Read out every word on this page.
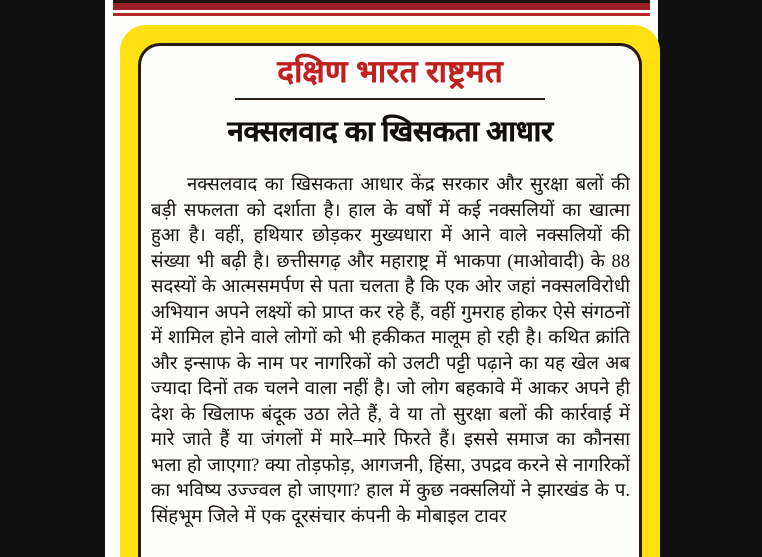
दक्षिण भारत राष्ट्रमत
नक्सलवाद का खिसकता आधार

नक्सलवाद का खिसकता आधार केंद्र सरकार और सुरक्षा बलों की बड़ी सफलता को दर्शाता है। हाल के वर्षों में कई नक्सलियों का खात्मा हुआ है। वहीं, हथियार छोड़कर मुख्यधारा में आने वाले नक्सलियों की संख्या भी बढ़ी है। छत्तीसगढ़ और महाराष्ट्र में भाकपा (माओवादी) के 88 सदस्यों के आत्मसमर्पण से पता चलता है कि एक ओर जहां नक्सलविरोधी अभियान अपने लक्ष्यों को प्राप्त कर रहे हैं, वहीं गुमराह होकर ऐसे संगठनों में शामिल होने वाले लोगों को भी हकीकत मालूम हो रही है। कथित क्रांति और इन्साफ के नाम पर नागरिकों को उलटी पट्टी पढ़ाने का यह खेल अब ज्यादा दिनों तक चलने वाला नहीं है। जो लोग बहकावे में आकर अपने ही देश के खिलाफ बंदूक उठा लेते हैं, वे या तो सुरक्षा बलों की कार्रवाई में मारे जाते हैं या जंगलों में मारे–मारे फिरते हैं। इससे समाज का कौनसा भला हो जाएगा? क्या तोड़फोड़, आगजनी, हिंसा, उपद्रव करने से नागरिकों का भविष्य उज्ज्वल हो जाएगा? हाल में कुछ नक्सलियों ने झारखंड के प. सिंहभूम जिले में एक दूरसंचार कंपनी के मोबाइल टावर
